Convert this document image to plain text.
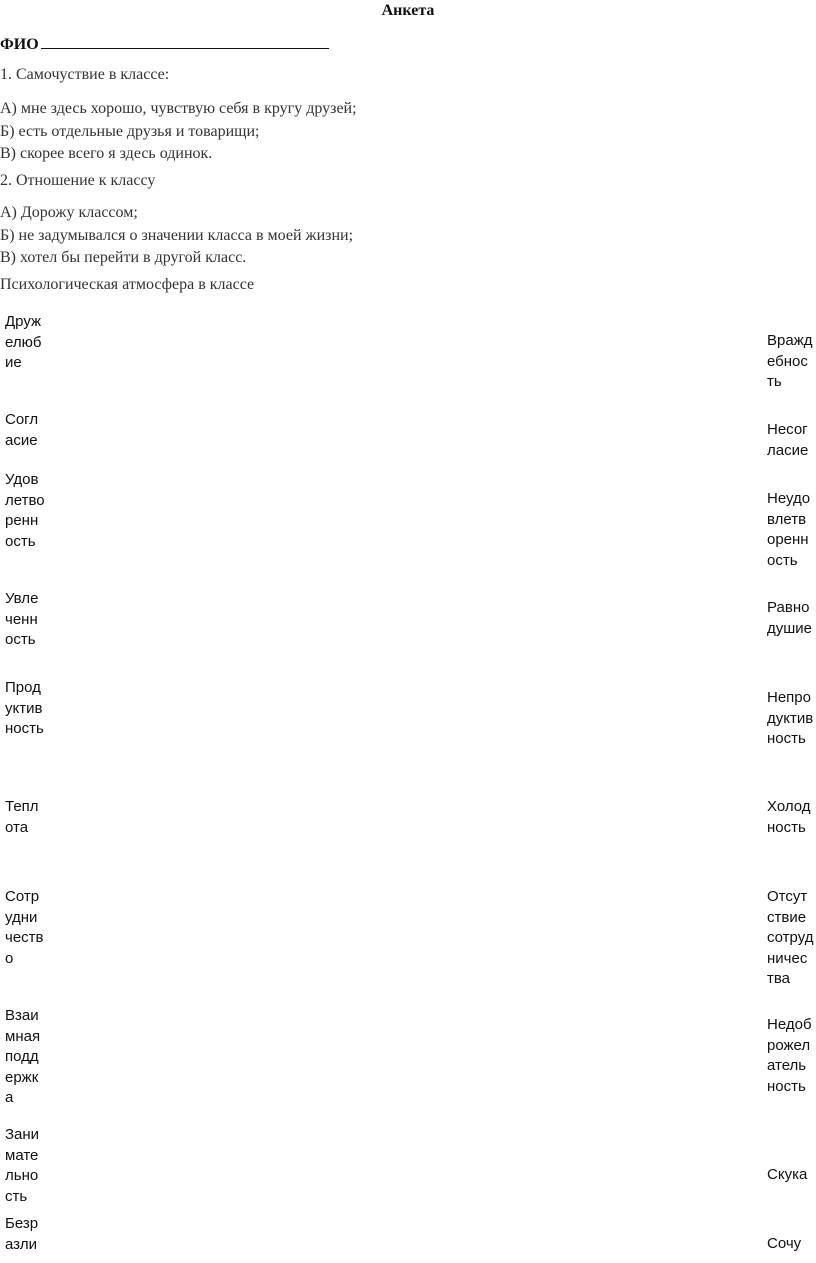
Анкета
ФИО
1. Самочуствие в классе:
А) мне здесь хорошо, чувствую себя в кругу друзей;
Б) есть отдельные друзья и товарищи;
В) скорее всего я здесь одинок.
2. Отношение к классу
А) Дорожу классом;
Б) не задумывался о значении класса в моей жизни;
В) хотел бы перейти в другой класс.
Психологическая атмосфера в классе
Дружелюбие
Согласие
Удовлетворенность
Увлеченность
Продуктивность
Теплота
Сотрудничество
Взаимная поддержка
Занимательность
Безразли
Враждебность
Несогласие
Неудовлетворенность
Равнодушие
Непродуктивность
Холодность
Отсутствие сотрудничества
Недоброжелательность
Скука
Сочу
